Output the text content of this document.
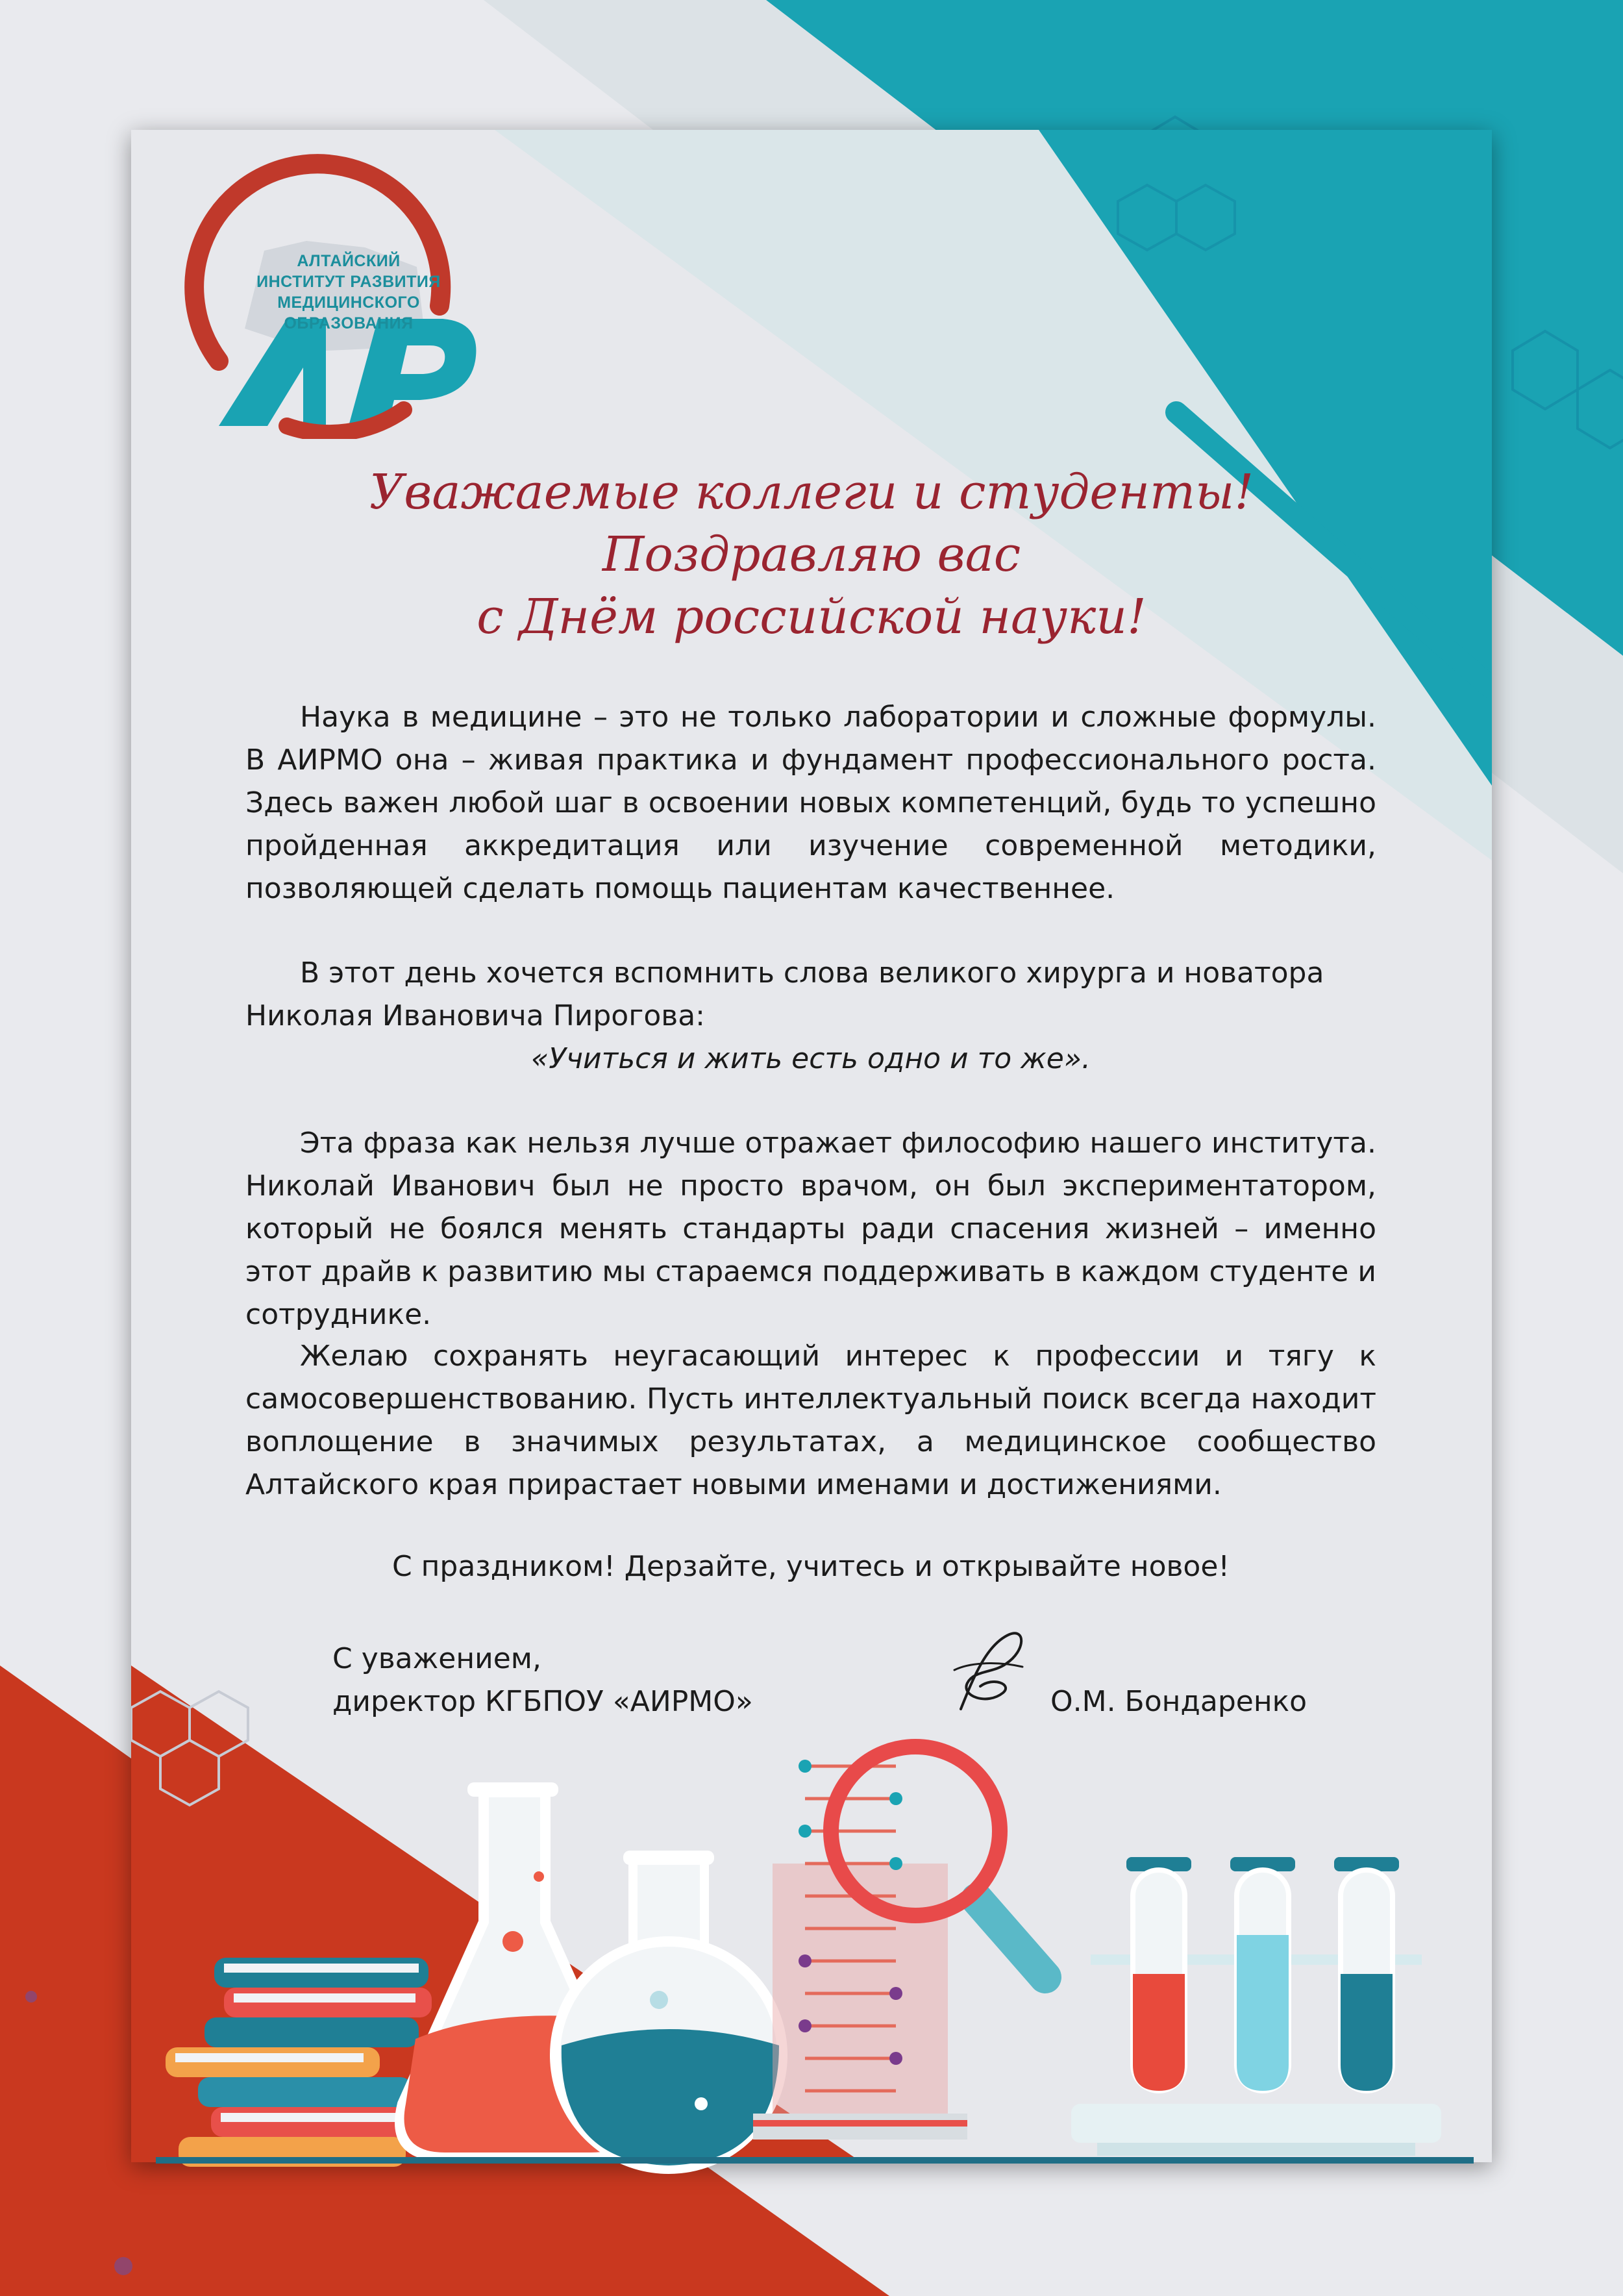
АЛТАЙСКИЙ
ИНСТИТУТ РАЗВИТИЯ
МЕДИЦИНСКОГО
ОБРАЗОВАНИЯ
Уважаемые коллеги и студенты!
Поздравляю вас
с Днём российской науки!

Наука в медицине – это не только лаборатории и сложные формулы. В АИРМО она – живая практика и фундамент профессионального роста. Здесь важен любой шаг в освоении новых компетенций, будь то успешно пройденная аккредитация или изучение современной методики, позволяющей сделать помощь пациентам качественнее.

В этот день хочется вспомнить слова великого хирурга и новатора Николая Ивановича Пирогова:

«Учиться и жить есть одно и то же».

Эта фраза как нельзя лучше отражает философию нашего института. Николай Иванович был не просто врачом, он был экспериментатором, который не боялся менять стандарты ради спасения жизней – именно этот драйв к развитию мы стараемся поддерживать в каждом студенте и сотруднике.

Желаю сохранять неугасающий интерес к профессии и тягу к самосовершенствованию. Пусть интеллектуальный поиск всегда находит воплощение в значимых результатах, а медицинское сообщество Алтайского края прирастает новыми именами и достижениями.

С праздником! Дерзайте, учитесь и открывайте новое!

С уважением,
директор КГБПОУ «АИРМО»	О.М. Бондаренко
